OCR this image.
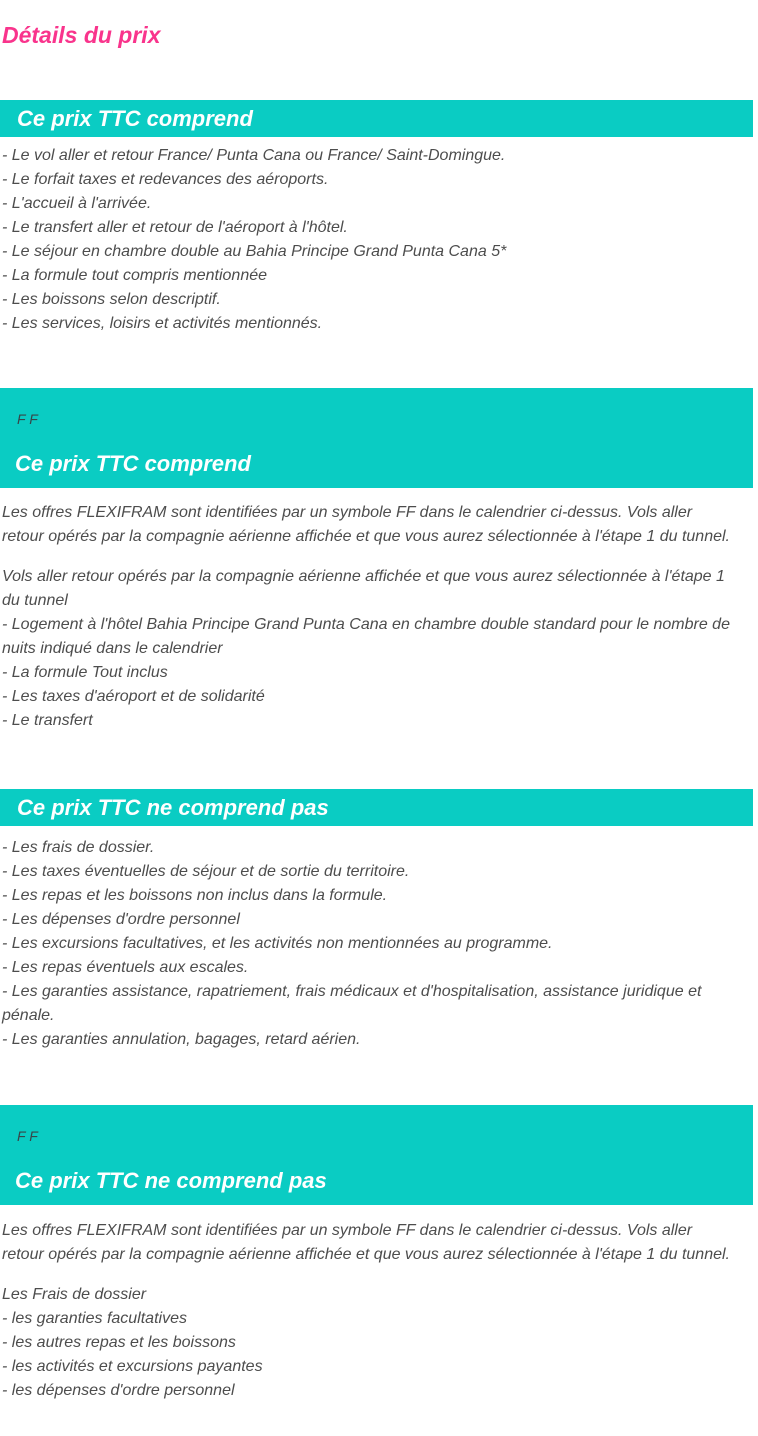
Détails du prix
Ce prix TTC comprend
- Le vol aller et retour France/ Punta Cana ou France/ Saint-Domingue.
- Le forfait taxes et redevances des aéroports.
- L'accueil à l'arrivée.
- Le transfert aller et retour de l'aéroport à l'hôtel.
- Le séjour en chambre double au Bahia Principe Grand Punta Cana 5*
- La formule tout compris mentionnée
- Les boissons selon descriptif.
- Les services, loisirs et activités mentionnés.
F F
Ce prix TTC comprend

Les offres FLEXIFRAM sont identifiées par un symbole FF dans le calendrier ci-dessus. Vols aller retour opérés par la compagnie aérienne affichée et que vous aurez sélectionnée à l'étape 1 du tunnel.

Vols aller retour opérés par la compagnie aérienne affichée et que vous aurez sélectionnée à l'étape 1 du tunnel
- Logement à l'hôtel Bahia Principe Grand Punta Cana en chambre double standard pour le nombre de nuits indiqué dans le calendrier
- La formule Tout inclus
- Les taxes d'aéroport et de solidarité
- Le transfert
Ce prix TTC ne comprend pas
- Les frais de dossier.
- Les taxes éventuelles de séjour et de sortie du territoire.
- Les repas et les boissons non inclus dans la formule.
- Les dépenses d'ordre personnel
- Les excursions facultatives, et les activités non mentionnées au programme.
- Les repas éventuels aux escales.
- Les garanties assistance, rapatriement, frais médicaux et d'hospitalisation, assistance juridique et pénale.
- Les garanties annulation, bagages, retard aérien.
F F
Ce prix TTC ne comprend pas

Les offres FLEXIFRAM sont identifiées par un symbole FF dans le calendrier ci-dessus. Vols aller retour opérés par la compagnie aérienne affichée et que vous aurez sélectionnée à l'étape 1 du tunnel.

Les Frais de dossier
- les garanties facultatives
- les autres repas et les boissons
- les activités et excursions payantes
- les dépenses d'ordre personnel
